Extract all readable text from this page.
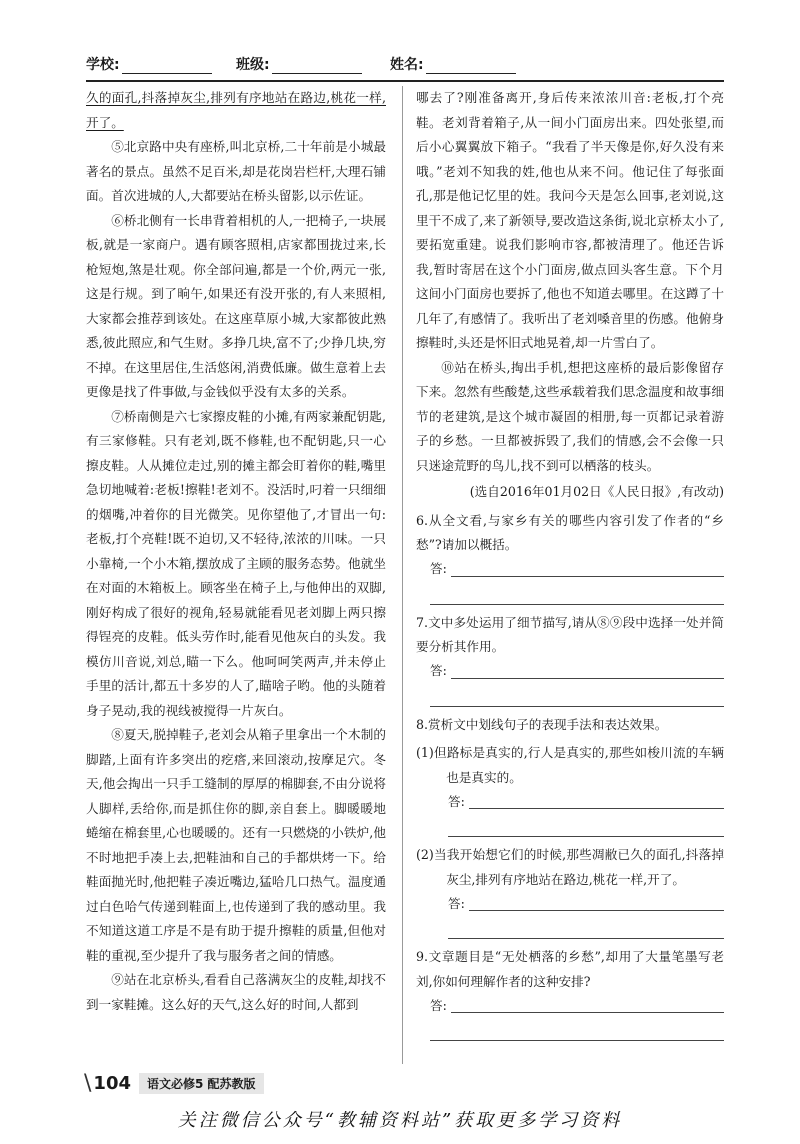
学校:	班级:	姓名:

久的面孔,抖落掉灰尘,排列有序地站在路边,桃花一样,开了。

⑤北京路中央有座桥,叫北京桥,二十年前是小城最著名的景点。虽然不足百米,却是花岗岩栏杆,大理石铺面。首次进城的人,大都要站在桥头留影,以示佐证。

⑥桥北侧有一长串背着相机的人,一把椅子,一块展板,就是一家商户。遇有顾客照相,店家都围拢过来,长枪短炮,煞是壮观。你全部问遍,都是一个价,两元一张,这是行规。到了晌午,如果还有没开张的,有人来照相,大家都会推荐到该处。在这座草原小城,大家都彼此熟悉,彼此照应,和气生财。多挣几块,富不了;少挣几块,穷不掉。在这里居住,生活悠闲,消费低廉。做生意着上去更像是找了件事做,与金钱似乎没有太多的关系。

⑦桥南侧是六七家擦皮鞋的小摊,有两家兼配钥匙,有三家修鞋。只有老刘,既不修鞋,也不配钥匙,只一心擦皮鞋。人从摊位走过,别的摊主都会盯着你的鞋,嘴里急切地喊着:老板!擦鞋!老刘不。没活时,叼着一只细细的烟嘴,冲着你的目光微笑。见你望他了,才冒出一句:老板,打个亮鞋!既不迫切,又不轻待,浓浓的川味。一只小靠椅,一个小木箱,摆放成了主顾的服务态势。他就坐在对面的木箱板上。顾客坐在椅子上,与他伸出的双脚,刚好构成了很好的视角,轻易就能看见老刘脚上两只擦得锃亮的皮鞋。低头劳作时,能看见他灰白的头发。我模仿川音说,刘总,瞄一下么。他呵呵笑两声,并未停止手里的活计,都五十多岁的人了,瞄啥子哟。他的头随着身子晃动,我的视线被搅得一片灰白。

⑧夏天,脱掉鞋子,老刘会从箱子里拿出一个木制的脚踏,上面有许多突出的疙瘩,来回滚动,按摩足穴。冬天,他会掏出一只手工缝制的厚厚的棉脚套,不由分说将人脚样,丢给你,而是抓住你的脚,亲自套上。脚暖暖地蜷缩在棉套里,心也暖暖的。还有一只燃烧的小铁炉,他不时地把手凑上去,把鞋油和自己的手都烘烤一下。给鞋面抛光时,他把鞋子凑近嘴边,猛哈几口热气。温度通过白色哈气传递到鞋面上,也传递到了我的感动里。我不知道这道工序是不是有助于提升擦鞋的质量,但他对鞋的重视,至少提升了我与服务者之间的情感。

⑨站在北京桥头,看看自己落满灰尘的皮鞋,却找不到一家鞋摊。这么好的天气,这么好的时间,人都到

哪去了?刚准备离开,身后传来浓浓川音:老板,打个亮鞋。老刘背着箱子,从一间小门面房出来。四处张望,而后小心翼翼放下箱子。“我看了半天像是你,好久没有来哦。”老刘不知我的姓,他也从来不问。他记住了每张面孔,那是他记忆里的姓。我问今天是怎么回事,老刘说,这里干不成了,来了新领导,要改造这条街,说北京桥太小了,要拓宽重建。说我们影响市容,都被清理了。他还告诉我,暂时寄居在这个小门面房,做点回头客生意。下个月这间小门面房也要拆了,他也不知道去哪里。在这蹲了十几年了,有感情了。我听出了老刘嗓音里的伤感。他俯身擦鞋时,头还是怀旧式地晃着,却一片雪白了。

⑩站在桥头,掏出手机,想把这座桥的最后影像留存下来。忽然有些酸楚,这些承载着我们思念温度和故事细节的老建筑,是这个城市凝固的相册,每一页都记录着游子的乡愁。一旦都被拆毁了,我们的情感,会不会像一只只迷途荒野的鸟儿,找不到可以栖落的枝头。

(选自2016年01月02日《人民日报》,有改动)

6.从全文看,与家乡有关的哪些内容引发了作者的“乡愁”?请加以概括。

答:

7.文中多处运用了细节描写,请从⑧⑨段中选择一处并简要分析其作用。

答:

8.赏析文中划线句子的表现手法和表达效果。

(1)但路标是真实的,行人是真实的,那些如梭川流的车辆也是真实的。

答:

(2)当我开始想它们的时候,那些凋敝已久的面孔,抖落掉灰尘,排列有序地站在路边,桃花一样,开了。

答:

9.文章题目是“无处栖落的乡愁”,却用了大量笔墨写老刘,你如何理解作者的这种安排?

答:
\ 104	语文必修5 配苏教版
关注微信公众号“教辅资料站”获取更多学习资料
